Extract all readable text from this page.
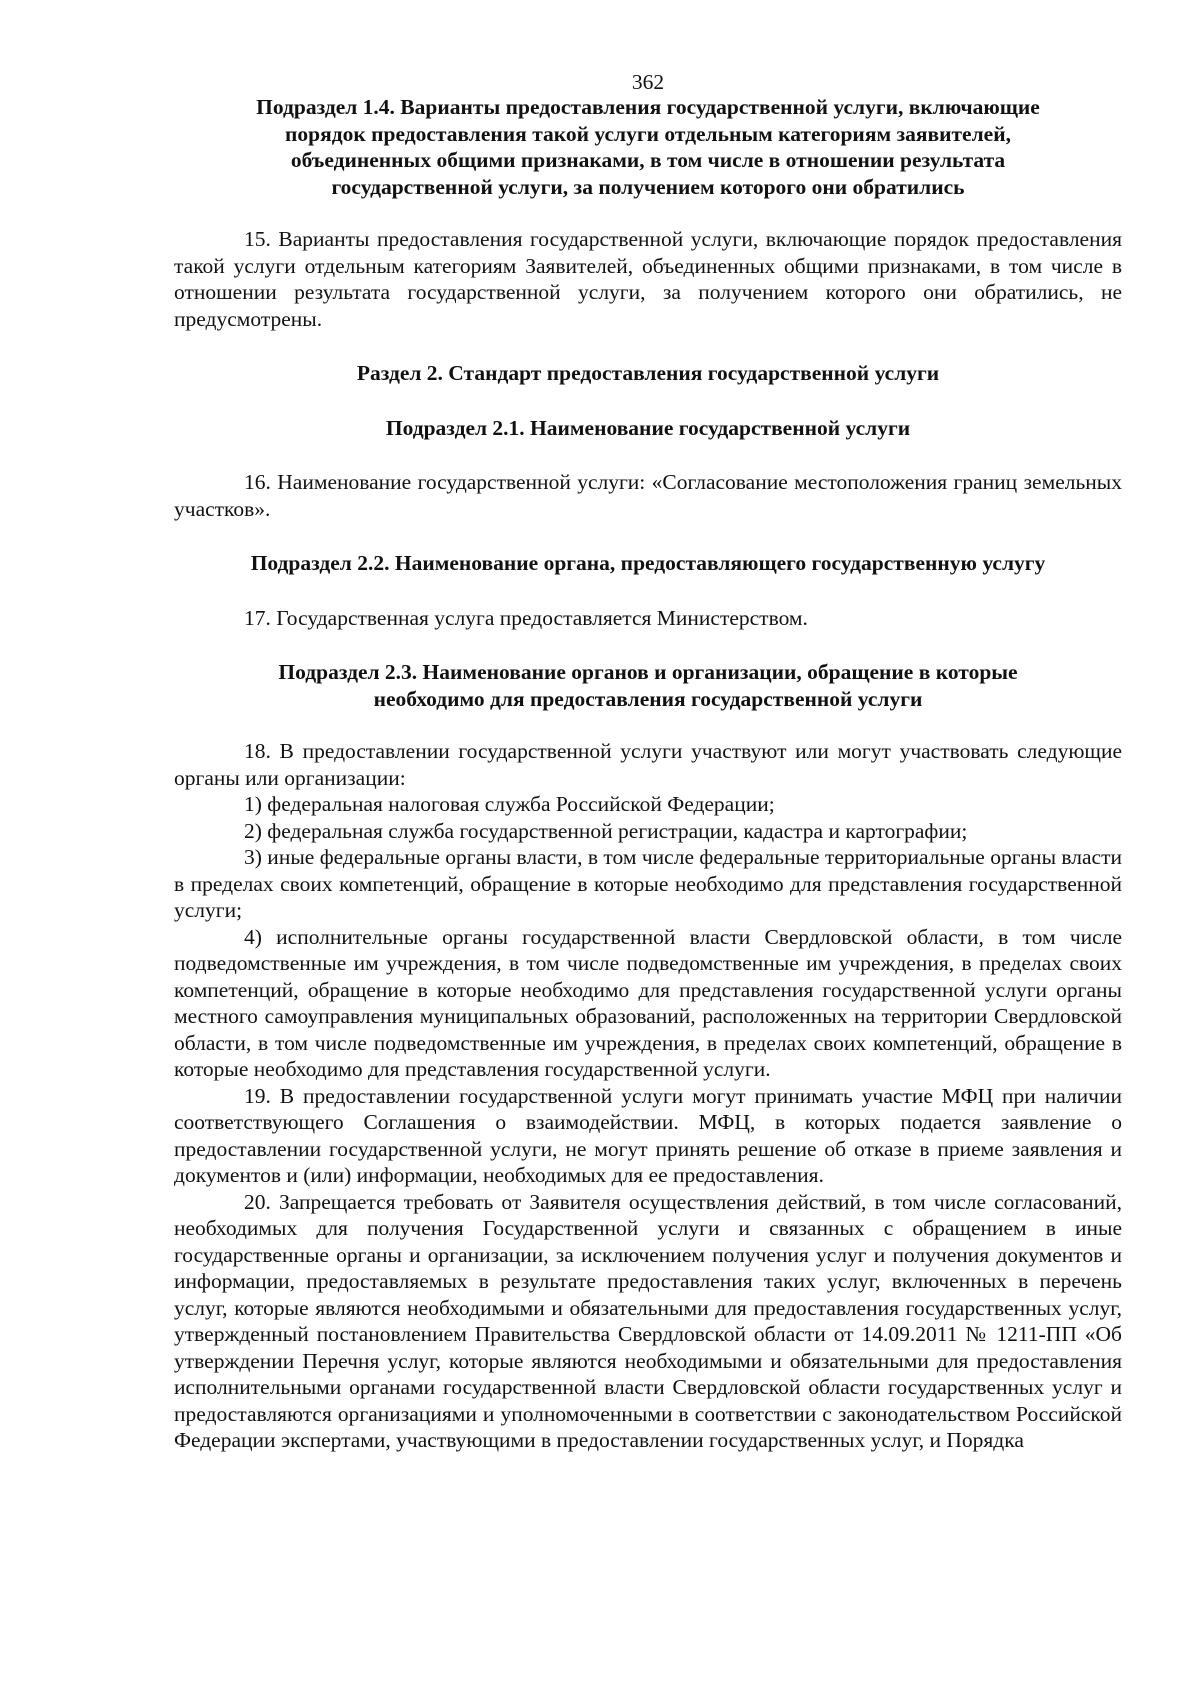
362
Подраздел 1.4. Варианты предоставления государственной услуги, включающие
порядок предоставления такой услуги отдельным категориям заявителей,
объединенных общими признаками, в том числе в отношении результата
государственной услуги, за получением которого они обратились

15. Варианты предоставления государственной услуги, включающие порядок предоставления такой услуги отдельным категориям Заявителей, объединенных общими признаками, в том числе в отношении результата государственной услуги, за получением которого они обратились, не предусмотрены.

Раздел 2. Стандарт предоставления государственной услуги
Подраздел 2.1. Наименование государственной услуги

16. Наименование государственной услуги: «Согласование местоположения границ земельных участков».

Подраздел 2.2. Наименование органа, предоставляющего государственную услугу

17. Государственная услуга предоставляется Министерством.

Подраздел 2.3. Наименование органов и организации, обращение в которые
необходимо для предоставления государственной услуги

18. В предоставлении государственной услуги участвуют или могут участвовать следующие органы или организации:

1) федеральная налоговая служба Российской Федерации;

2) федеральная служба государственной регистрации, кадастра и картографии;

3) иные федеральные органы власти, в том числе федеральные территориальные органы власти в пределах своих компетенций, обращение в которые необходимо для представления государственной услуги;

4) исполнительные органы государственной власти Свердловской области, в том числе подведомственные им учреждения, в том числе подведомственные им учреждения, в пределах своих компетенций, обращение в которые необходимо для представления государственной услуги органы местного самоуправления муниципальных образований, расположенных на территории Свердловской области, в том числе подведомственные им учреждения, в пределах своих компетенций, обращение в которые необходимо для представления государственной услуги.

19. В предоставлении государственной услуги могут принимать участие МФЦ при наличии соответствующего Соглашения о взаимодействии. МФЦ, в которых подается заявление о предоставлении государственной услуги, не могут принять решение об отказе в приеме заявления и документов и (или) информации, необходимых для ее предоставления.

20. Запрещается требовать от Заявителя осуществления действий, в том числе согласований, необходимых для получения Государственной услуги и связанных с обращением в иные государственные органы и организации, за исключением получения услуг и получения документов и информации, предоставляемых в результате предоставления таких услуг, включенных в перечень услуг, которые являются необходимыми и обязательными для предоставления государственных услуг, утвержденный постановлением Правительства Свердловской области от 14.09.2011 № 1211-ПП «Об утверждении Перечня услуг, которые являются необходимыми и обязательными для предоставления исполнительными органами государственной власти Свердловской области государственных услуг и предоставляются организациями и уполномоченными в соответствии с законодательством Российской Федерации экспертами, участвующими в предоставлении государственных услуг, и Порядка
